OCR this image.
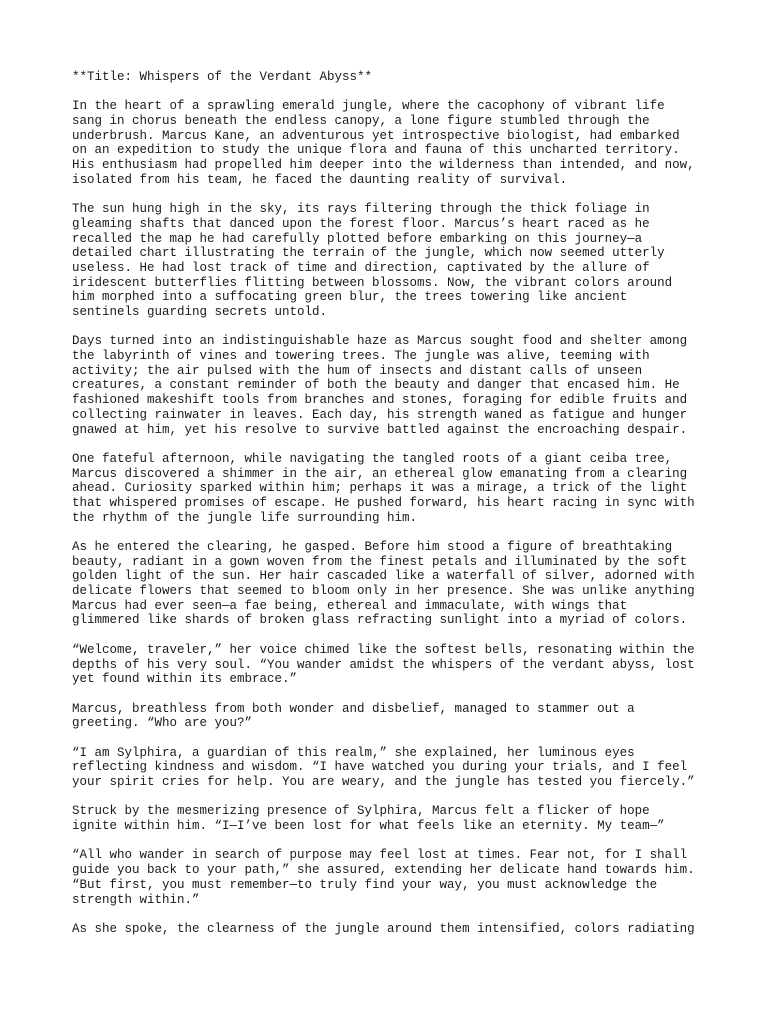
**Title: Whispers of the Verdant Abyss**
In the heart of a sprawling emerald jungle, where the cacophony of vibrant life
sang in chorus beneath the endless canopy, a lone figure stumbled through the
underbrush. Marcus Kane, an adventurous yet introspective biologist, had embarked
on an expedition to study the unique flora and fauna of this uncharted territory.
His enthusiasm had propelled him deeper into the wilderness than intended, and now,
isolated from his team, he faced the daunting reality of survival.
The sun hung high in the sky, its rays filtering through the thick foliage in
gleaming shafts that danced upon the forest floor. Marcus’s heart raced as he
recalled the map he had carefully plotted before embarking on this journey—a
detailed chart illustrating the terrain of the jungle, which now seemed utterly
useless. He had lost track of time and direction, captivated by the allure of
iridescent butterflies flitting between blossoms. Now, the vibrant colors around
him morphed into a suffocating green blur, the trees towering like ancient
sentinels guarding secrets untold.
Days turned into an indistinguishable haze as Marcus sought food and shelter among
the labyrinth of vines and towering trees. The jungle was alive, teeming with
activity; the air pulsed with the hum of insects and distant calls of unseen
creatures, a constant reminder of both the beauty and danger that encased him. He
fashioned makeshift tools from branches and stones, foraging for edible fruits and
collecting rainwater in leaves. Each day, his strength waned as fatigue and hunger
gnawed at him, yet his resolve to survive battled against the encroaching despair.
One fateful afternoon, while navigating the tangled roots of a giant ceiba tree,
Marcus discovered a shimmer in the air, an ethereal glow emanating from a clearing
ahead. Curiosity sparked within him; perhaps it was a mirage, a trick of the light
that whispered promises of escape. He pushed forward, his heart racing in sync with
the rhythm of the jungle life surrounding him.
As he entered the clearing, he gasped. Before him stood a figure of breathtaking
beauty, radiant in a gown woven from the finest petals and illuminated by the soft
golden light of the sun. Her hair cascaded like a waterfall of silver, adorned with
delicate flowers that seemed to bloom only in her presence. She was unlike anything
Marcus had ever seen—a fae being, ethereal and immaculate, with wings that
glimmered like shards of broken glass refracting sunlight into a myriad of colors.
“Welcome, traveler,” her voice chimed like the softest bells, resonating within the
depths of his very soul. “You wander amidst the whispers of the verdant abyss, lost
yet found within its embrace.”
Marcus, breathless from both wonder and disbelief, managed to stammer out a
greeting. “Who are you?”
“I am Sylphira, a guardian of this realm,” she explained, her luminous eyes
reflecting kindness and wisdom. “I have watched you during your trials, and I feel
your spirit cries for help. You are weary, and the jungle has tested you fiercely.”
Struck by the mesmerizing presence of Sylphira, Marcus felt a flicker of hope
ignite within him. “I—I’ve been lost for what feels like an eternity. My team—”
“All who wander in search of purpose may feel lost at times. Fear not, for I shall
guide you back to your path,” she assured, extending her delicate hand towards him.
“But first, you must remember—to truly find your way, you must acknowledge the
strength within.”
As she spoke, the clearness of the jungle around them intensified, colors radiating
